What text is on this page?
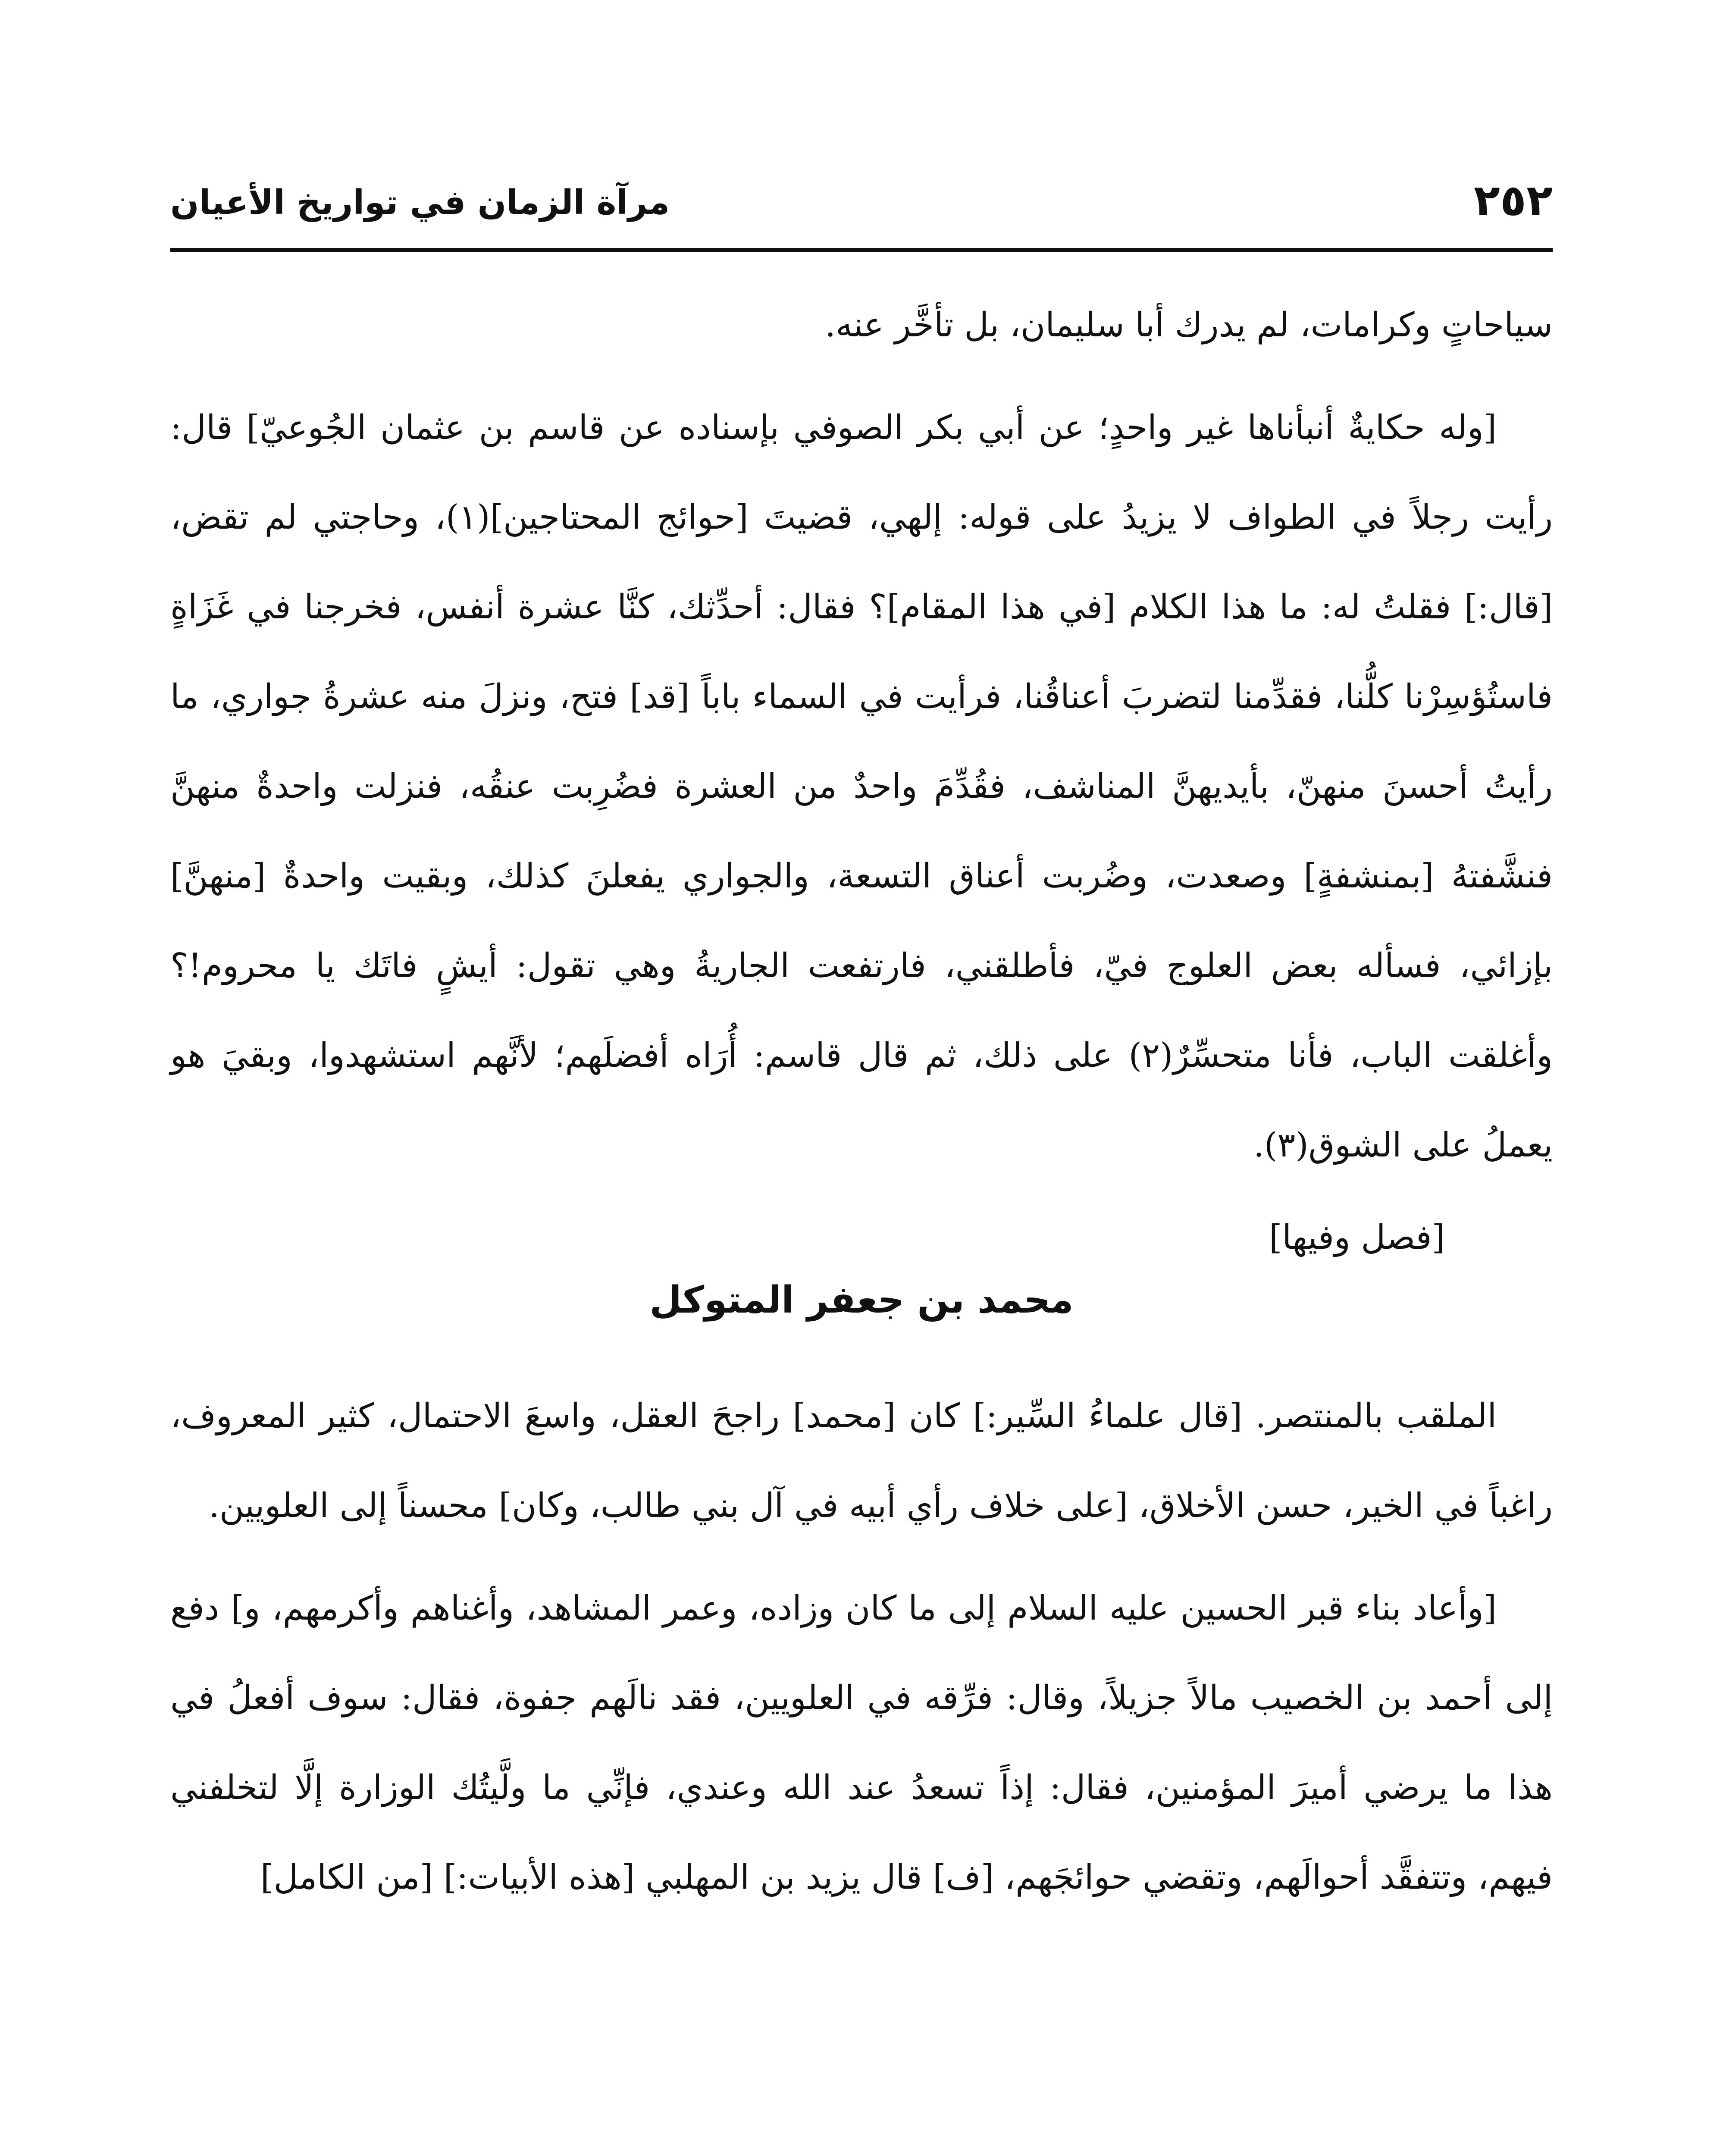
٢٥٢
مرآة الزمان في تواريخ الأعيان

سياحاتٍ وكرامات، لم يدرك أبا سليمان، بل تأخَّر عنه.

[وله حكايةٌ أنبأناها غير واحدٍ؛ عن أبي بكر الصوفي بإسناده عن قاسم بن عثمان الجُوعيّ] قال: رأيت رجلاً في الطواف لا يزيدُ على قوله: إلهي، قضيتَ [حوائج المحتاجين](١)، وحاجتي لم تقض، [قال:] فقلتُ له: ما هذا الكلام [في هذا المقام]؟ فقال: أحدِّثك، كنَّا عشرة أنفس، فخرجنا في غَزَاةٍ فاستُؤسِرْنا كلُّنا، فقدِّمنا لتضربَ أعناقُنا، فرأيت في السماء باباً [قد] فتح، ونزلَ منه عشرةُ جواري، ما رأيتُ أحسنَ منهنّ، بأيديهنَّ المناشف، فقُدِّمَ واحدٌ من العشرة فضُرِبت عنقُه، فنزلت واحدةٌ منهنَّ فنشَّفتهُ [بمنشفةٍ] وصعدت، وضُربت أعناق التسعة، والجواري يفعلنَ كذلك، وبقيت واحدةٌ [منهنَّ] بإزائي، فسأله بعض العلوج فيّ، فأطلقني، فارتفعت الجاريةُ وهي تقول: أيشٍ فاتَك يا محروم!؟ وأغلقت الباب، فأنا متحسِّرٌ(٢) على ذلك، ثم قال قاسم: أُرَاه أفضلَهم؛ لأنَّهم استشهدوا، وبقيَ هو يعملُ على الشوق(٣).

[فصل وفيها]

محمد بن جعفر المتوكل

الملقب بالمنتصر. [قال علماءُ السِّير:] كان [محمد] راجحَ العقل، واسعَ الاحتمال، كثير المعروف، راغباً في الخير، حسن الأخلاق، [على خلاف رأي أبيه في آل بني طالب، وكان] محسناً إلى العلويين.

[وأعاد بناء قبر الحسين عليه السلام إلى ما كان وزاده، وعمر المشاهد، وأغناهم وأكرمهم، و] دفع إلى أحمد بن الخصيب مالاً جزيلاً، وقال: فرِّقه في العلويين، فقد نالَهم جفوة، فقال: سوف أفعلُ في هذا ما يرضي أميرَ المؤمنين، فقال: إذاً تسعدُ عند الله وعندي، فإنِّي ما ولَّيتُك الوزارة إلَّا لتخلفني فيهم، وتتفقَّد أحوالَهم، وتقضي حوائجَهم، [ف] قال يزيد بن المهلبي [هذه الأبيات:] [من الكامل]
